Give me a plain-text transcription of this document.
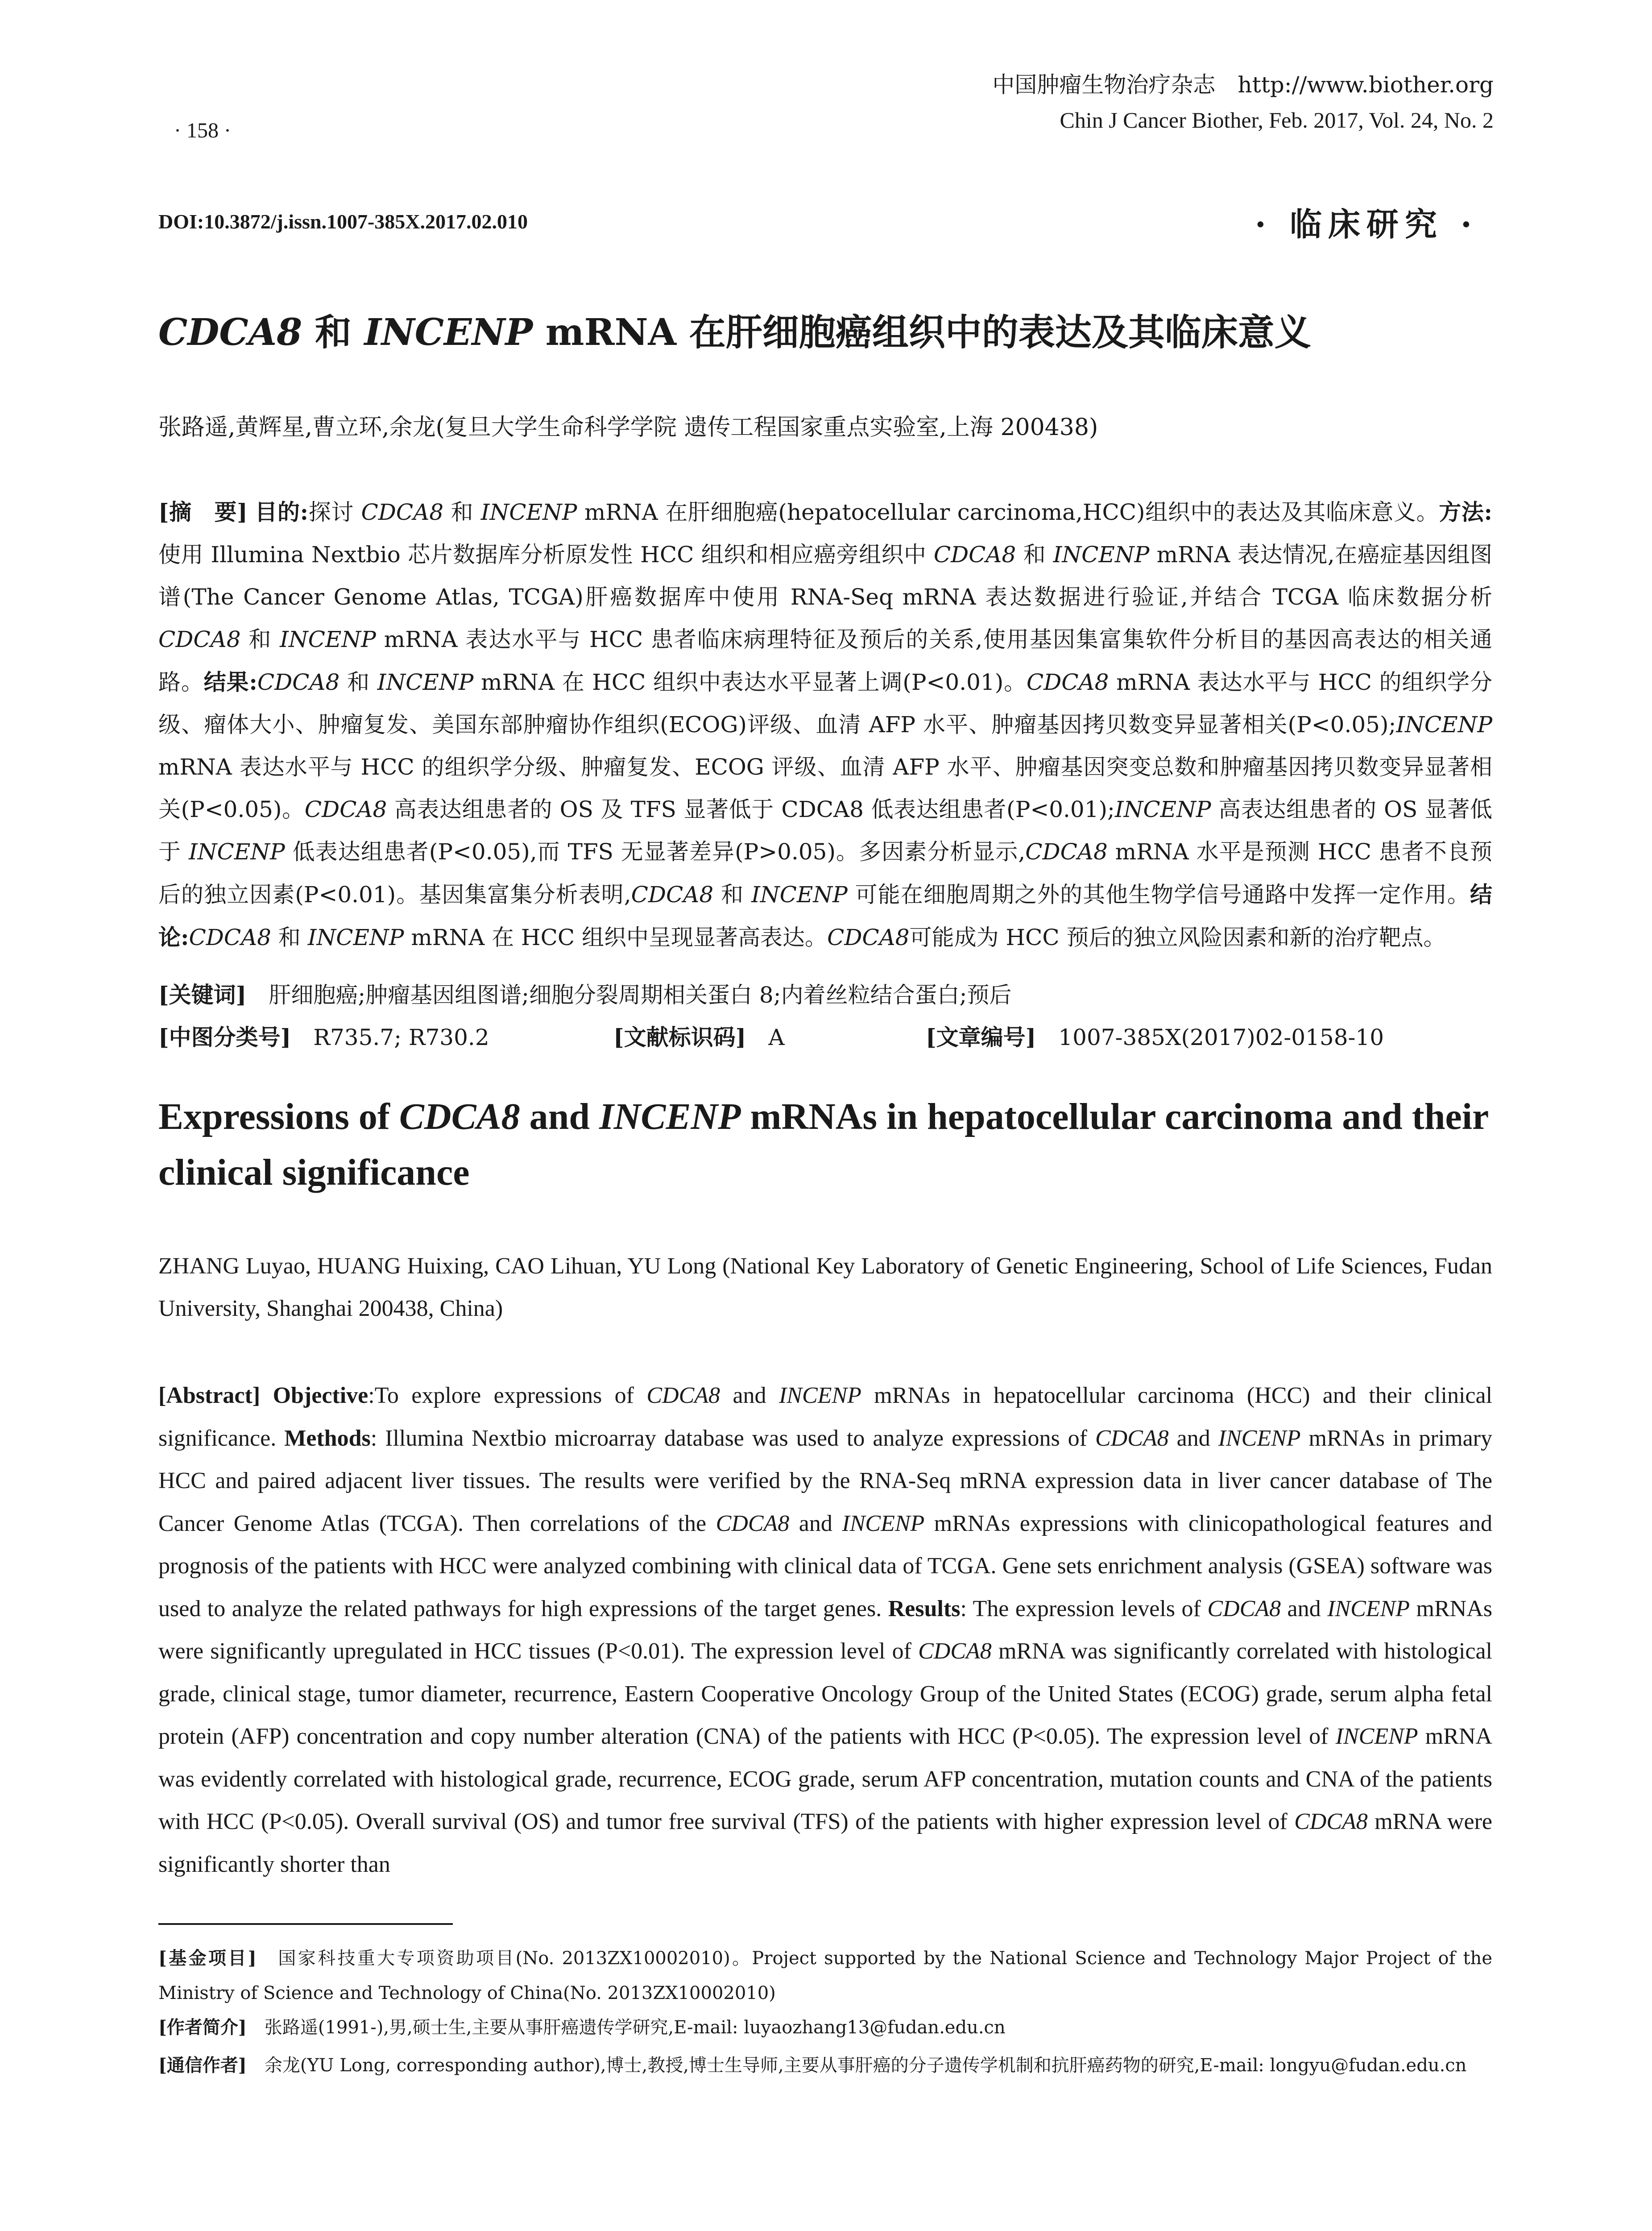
中国肿瘤生物治疗杂志　http://www.biother.org
Chin J Cancer Biother, Feb. 2017, Vol. 24, No. 2
· 158 ·
DOI:10.3872/j.issn.1007-385X.2017.02.010	· 临床研究 ·
CDCA8 和 INCENP mRNA 在肝细胞癌组织中的表达及其临床意义
张路遥,黄辉星,曹立环,余龙(复旦大学生命科学学院 遗传工程国家重点实验室,上海 200438)
[摘　要] 目的:探讨 CDCA8 和 INCENP mRNA 在肝细胞癌(hepatocellular carcinoma,HCC)组织中的表达及其临床意义。方法:使用 Illumina Nextbio 芯片数据库分析原发性 HCC 组织和相应癌旁组织中 CDCA8 和 INCENP mRNA 表达情况,在癌症基因组图谱(The Cancer Genome Atlas, TCGA)肝癌数据库中使用 RNA-Seq mRNA 表达数据进行验证,并结合 TCGA 临床数据分析 CDCA8 和 INCENP mRNA 表达水平与 HCC 患者临床病理特征及预后的关系,使用基因集富集软件分析目的基因高表达的相关通路。结果:CDCA8 和 INCENP mRNA 在 HCC 组织中表达水平显著上调(P<0.01)。CDCA8 mRNA 表达水平与 HCC 的组织学分级、瘤体大小、肿瘤复发、美国东部肿瘤协作组织(ECOG)评级、血清 AFP 水平、肿瘤基因拷贝数变异显著相关(P<0.05);INCENP mRNA 表达水平与 HCC 的组织学分级、肿瘤复发、ECOG 评级、血清 AFP 水平、肿瘤基因突变总数和肿瘤基因拷贝数变异显著相关(P<0.05)。CDCA8 高表达组患者的 OS 及 TFS 显著低于 CDCA8 低表达组患者(P<0.01);INCENP 高表达组患者的 OS 显著低于 INCENP 低表达组患者(P<0.05),而 TFS 无显著差异(P>0.05)。多因素分析显示,CDCA8 mRNA 水平是预测 HCC 患者不良预后的独立因素(P<0.01)。基因集富集分析表明,CDCA8 和 INCENP 可能在细胞周期之外的其他生物学信号通路中发挥一定作用。结论:CDCA8 和 INCENP mRNA 在 HCC 组织中呈现显著高表达。CDCA8可能成为 HCC 预后的独立风险因素和新的治疗靶点。
[关键词]　肝细胞癌;肿瘤基因组图谱;细胞分裂周期相关蛋白 8;内着丝粒结合蛋白;预后
[中图分类号]　R735.7; R730.2	[文献标识码]　A	[文章编号]　1007-385X(2017)02-0158-10
Expressions of CDCA8 and INCENP mRNAs in hepatocellular carcinoma and their clinical significance
ZHANG Luyao, HUANG Huixing, CAO Lihuan, YU Long (National Key Laboratory of Genetic Engineering, School of Life Sciences, Fudan University, Shanghai 200438, China)
[Abstract] Objective:To explore expressions of CDCA8 and INCENP mRNAs in hepatocellular carcinoma (HCC) and their clinical significance. Methods: Illumina Nextbio microarray database was used to analyze expressions of CDCA8 and INCENP mRNAs in primary HCC and paired adjacent liver tissues. The results were verified by the RNA-Seq mRNA expression data in liver cancer database of The Cancer Genome Atlas (TCGA). Then correlations of the CDCA8 and INCENP mRNAs expressions with clinicopathological features and prognosis of the patients with HCC were analyzed combining with clinical data of TCGA. Gene sets enrichment analysis (GSEA) software was used to analyze the related pathways for high expressions of the target genes. Results: The expression levels of CDCA8 and INCENP mRNAs were significantly upregulated in HCC tissues (P<0.01). The expression level of CDCA8 mRNA was significantly correlated with histological grade, clinical stage, tumor diameter, recurrence, Eastern Cooperative Oncology Group of the United States (ECOG) grade, serum alpha fetal protein (AFP) concentration and copy number alteration (CNA) of the patients with HCC (P<0.05). The expression level of INCENP mRNA was evidently correlated with histological grade, recurrence, ECOG grade, serum AFP concentration, mutation counts and CNA of the patients with HCC (P<0.05). Overall survival (OS) and tumor free survival (TFS) of the patients with higher expression level of CDCA8 mRNA were significantly shorter than
[基金项目]　国家科技重大专项资助项目(No. 2013ZX10002010)。Project supported by the National Science and Technology Major Project of the Ministry of Science and Technology of China(No. 2013ZX10002010)
[作者简介]　张路遥(1991-),男,硕士生,主要从事肝癌遗传学研究,E-mail: luyaozhang13@fudan.edu.cn
[通信作者]　余龙(YU Long, corresponding author),博士,教授,博士生导师,主要从事肝癌的分子遗传学机制和抗肝癌药物的研究,E-mail: longyu@fudan.edu.cn
